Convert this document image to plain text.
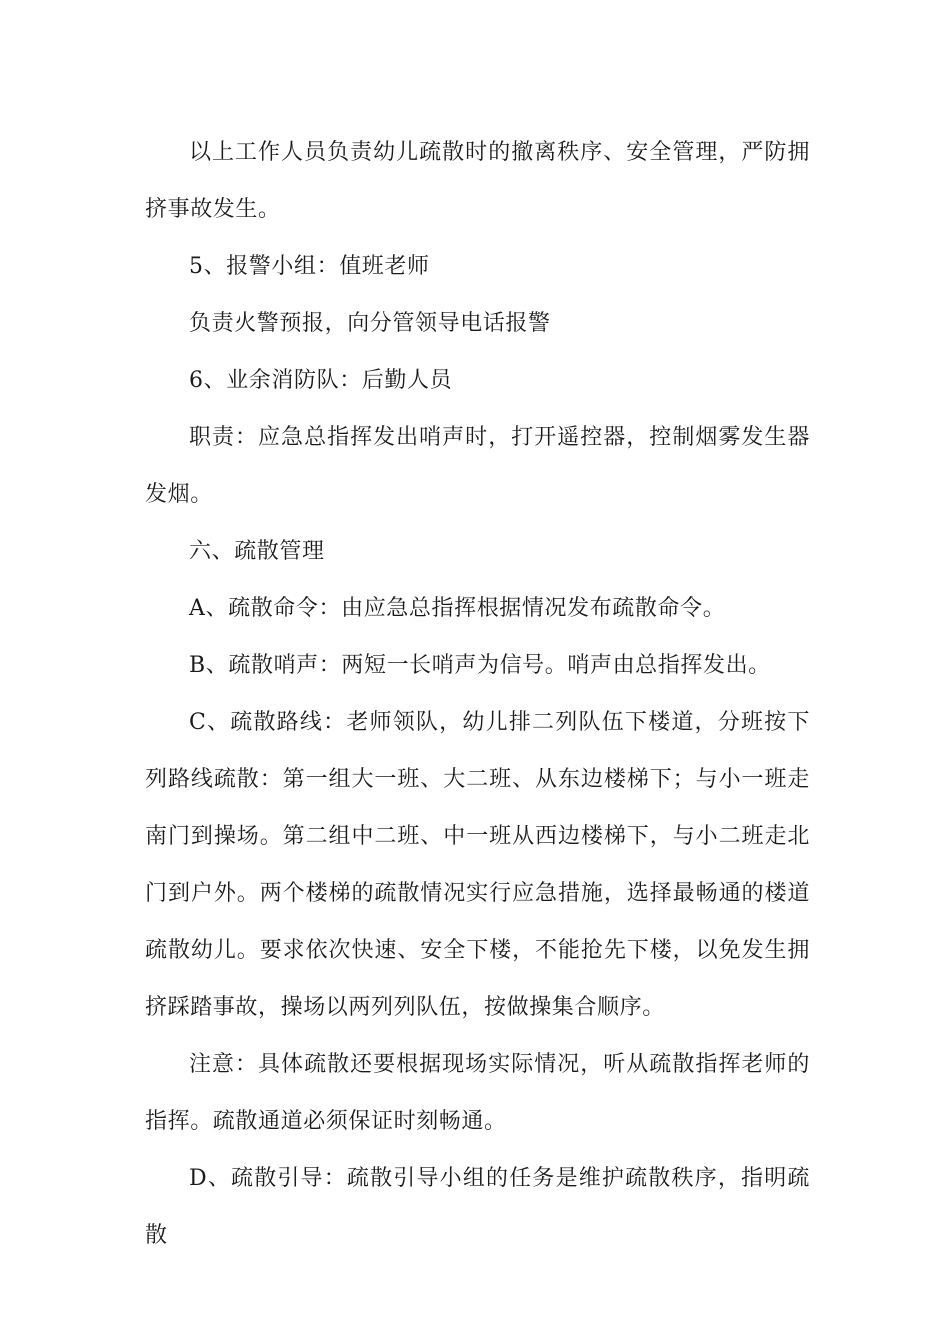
以上工作人员负责幼儿疏散时的撤离秩序、安全管理，严防拥挤事故发生。

5、报警小组：值班老师

负责火警预报，向分管领导电话报警

6、业余消防队：后勤人员

职责：应急总指挥发出哨声时，打开遥控器，控制烟雾发生器发烟。

六、疏散管理

A、疏散命令：由应急总指挥根据情况发布疏散命令。

B、疏散哨声：两短一长哨声为信号。哨声由总指挥发出。

C、疏散路线：老师领队，幼儿排二列队伍下楼道，分班按下列路线疏散：第一组大一班、大二班、从东边楼梯下；与小一班走南门到操场。第二组中二班、中一班从西边楼梯下，与小二班走北门到户外。两个楼梯的疏散情况实行应急措施，选择最畅通的楼道疏散幼儿。要求依次快速、安全下楼，不能抢先下楼，以免发生拥挤踩踏事故，操场以两列列队伍，按做操集合顺序。

注意：具体疏散还要根据现场实际情况，听从疏散指挥老师的指挥。疏散通道必须保证时刻畅通。

D、疏散引导：疏散引导小组的任务是维护疏散秩序，指明疏散
